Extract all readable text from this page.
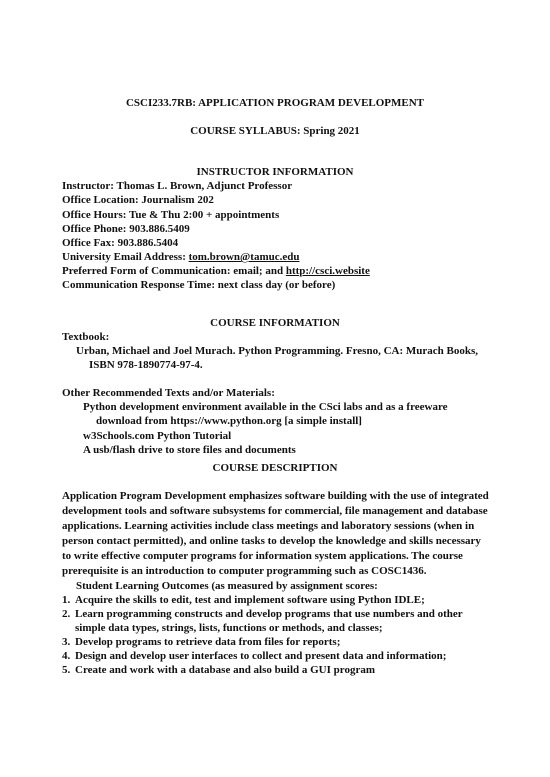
CSCI233.7RB: APPLICATION PROGRAM DEVELOPMENT
COURSE SYLLABUS: Spring 2021
INSTRUCTOR INFORMATION
Instructor: Thomas L. Brown, Adjunct Professor
Office Location: Journalism 202
Office Hours: Tue & Thu 2:00 + appointments
Office Phone: 903.886.5409
Office Fax: 903.886.5404
University Email Address: tom.brown@tamuc.edu
Preferred Form of Communication: email; and http://csci.website
Communication Response Time: next class day (or before)
COURSE INFORMATION
Textbook:
Urban, Michael and Joel Murach. Python Programming. Fresno, CA: Murach Books,
ISBN 978-1890774-97-4.
Other Recommended Texts and/or Materials:
Python development environment available in the CSci labs and as a freeware
download from https://www.python.org [a simple install]
w3Schools.com Python Tutorial
A usb/flash drive to store files and documents
COURSE DESCRIPTION
Application Program Development emphasizes software building with the use of integrated
development tools and software subsystems for commercial, file management and database
applications. Learning activities include class meetings and laboratory sessions (when in
person contact permitted), and online tasks to develop the knowledge and skills necessary
to write effective computer programs for information system applications. The course
prerequisite is an introduction to computer programming such as COSC1436.
Student Learning Outcomes (as measured by assignment scores:
1. Acquire the skills to edit, test and implement software using Python IDLE;
2. Learn programming constructs and develop programs that use numbers and other
simple data types, strings, lists, functions or methods, and classes;
3. Develop programs to retrieve data from files for reports;
4. Design and develop user interfaces to collect and present data and information;
5. Create and work with a database and also build a GUI program
